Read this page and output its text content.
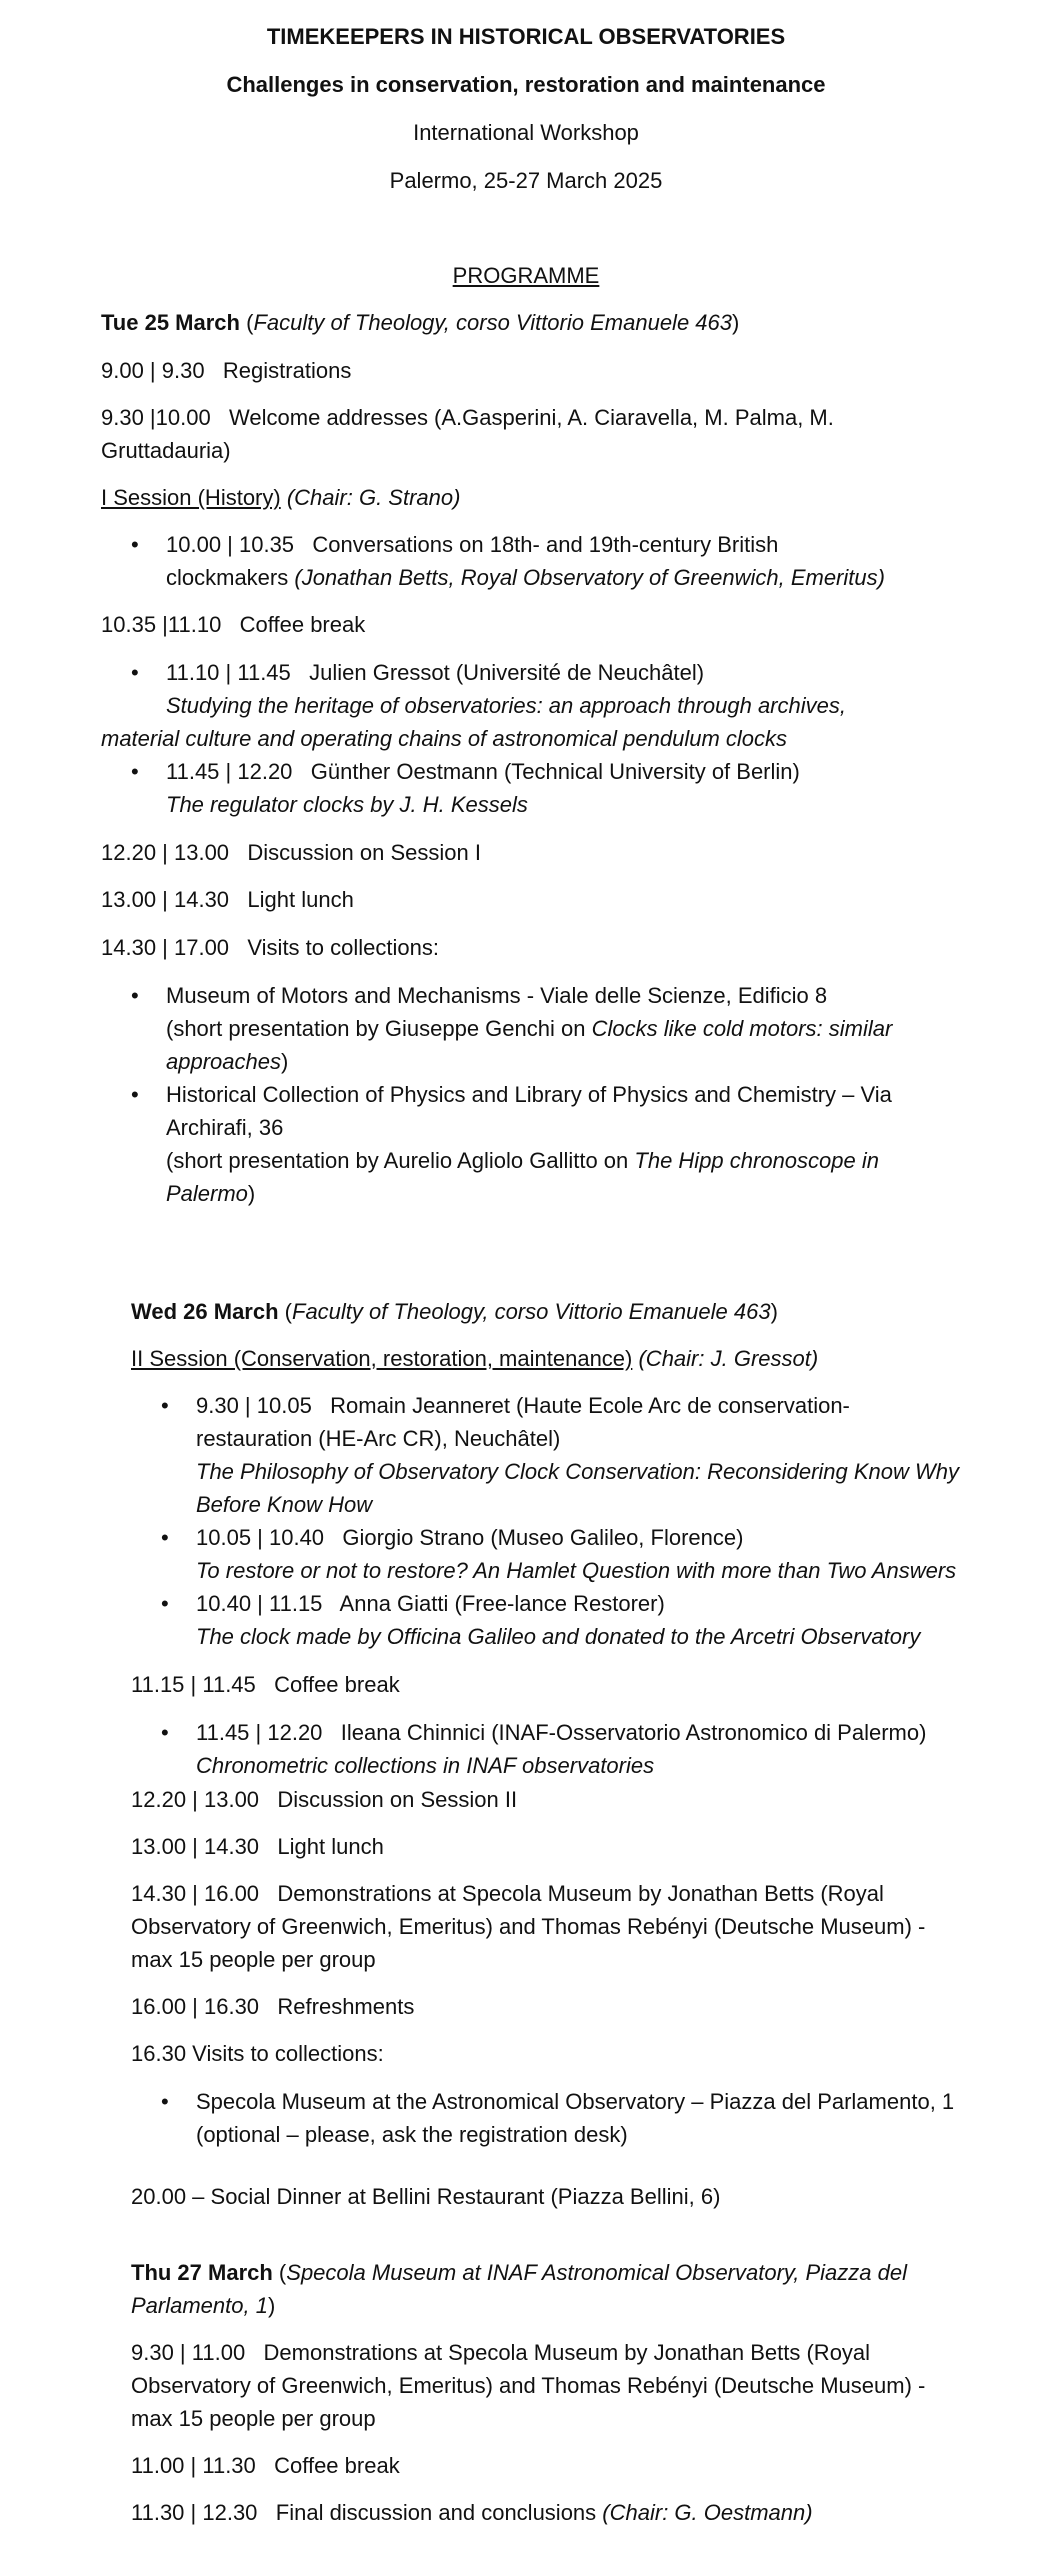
TIMEKEEPERS IN HISTORICAL OBSERVATORIES

Challenges in conservation, restoration and maintenance

International Workshop

Palermo, 25-27 March 2025

PROGRAMME

Tue 25 March (Faculty of Theology, corso Vittorio Emanuele 463)

9.00 | 9.30 Registrations

9.30 |10.00 Welcome addresses (A.Gasperini, A. Ciaravella, M. Palma, M.

Gruttadauria)

I Session (History) (Chair: G. Strano)

• 10.00 | 10.35 Conversations on 18th- and 19th-century British
clockmakers (Jonathan Betts, Royal Observatory of Greenwich, Emeritus)

10.35 |11.10 Coffee break

• 11.10 | 11.45 Julien Gressot (Université de Neuchâtel)

Studying the heritage of observatories: an approach through archives,

material culture and operating chains of astronomical pendulum clocks

• 11.45 | 12.20 Günther Oestmann (Technical University of Berlin)
The regulator clocks by J. H. Kessels

12.20 | 13.00 Discussion on Session I

13.00 | 14.30 Light lunch

14.30 | 17.00 Visits to collections:

• Museum of Motors and Mechanisms - Viale delle Scienze, Edificio 8
(short presentation by Giuseppe Genchi on Clocks like cold motors: similar
approaches)
• Historical Collection of Physics and Library of Physics and Chemistry – Via
Archirafi, 36
(short presentation by Aurelio Agliolo Gallitto on The Hipp chronoscope in
Palermo)

Wed 26 March (Faculty of Theology, corso Vittorio Emanuele 463)

II Session (Conservation, restoration, maintenance) (Chair: J. Gressot)

• 9.30 | 10.05 Romain Jeanneret (Haute Ecole Arc de conservation-
restauration (HE-Arc CR), Neuchâtel)
The Philosophy of Observatory Clock Conservation: Reconsidering Know Why
Before Know How
• 10.05 | 10.40 Giorgio Strano (Museo Galileo, Florence)
To restore or not to restore? An Hamlet Question with more than Two Answers
• 10.40 | 11.15 Anna Giatti (Free-lance Restorer)
The clock made by Officina Galileo and donated to the Arcetri Observatory

11.15 | 11.45 Coffee break

• 11.45 | 12.20 Ileana Chinnici (INAF-Osservatorio Astronomico di Palermo)
Chronometric collections in INAF observatories

12.20 | 13.00 Discussion on Session II

13.00 | 14.30 Light lunch

14.30 | 16.00 Demonstrations at Specola Museum by Jonathan Betts (Royal

Observatory of Greenwich, Emeritus) and Thomas Rebényi (Deutsche Museum) -

max 15 people per group

16.00 | 16.30 Refreshments

16.30 Visits to collections:

• Specola Museum at the Astronomical Observatory – Piazza del Parlamento, 1
(optional – please, ask the registration desk)

20.00 – Social Dinner at Bellini Restaurant (Piazza Bellini, 6)

Thu 27 March (Specola Museum at INAF Astronomical Observatory, Piazza del

Parlamento, 1)

9.30 | 11.00 Demonstrations at Specola Museum by Jonathan Betts (Royal

Observatory of Greenwich, Emeritus) and Thomas Rebényi (Deutsche Museum) -

max 15 people per group

11.00 | 11.30 Coffee break

11.30 | 12.30 Final discussion and conclusions (Chair: G. Oestmann)
